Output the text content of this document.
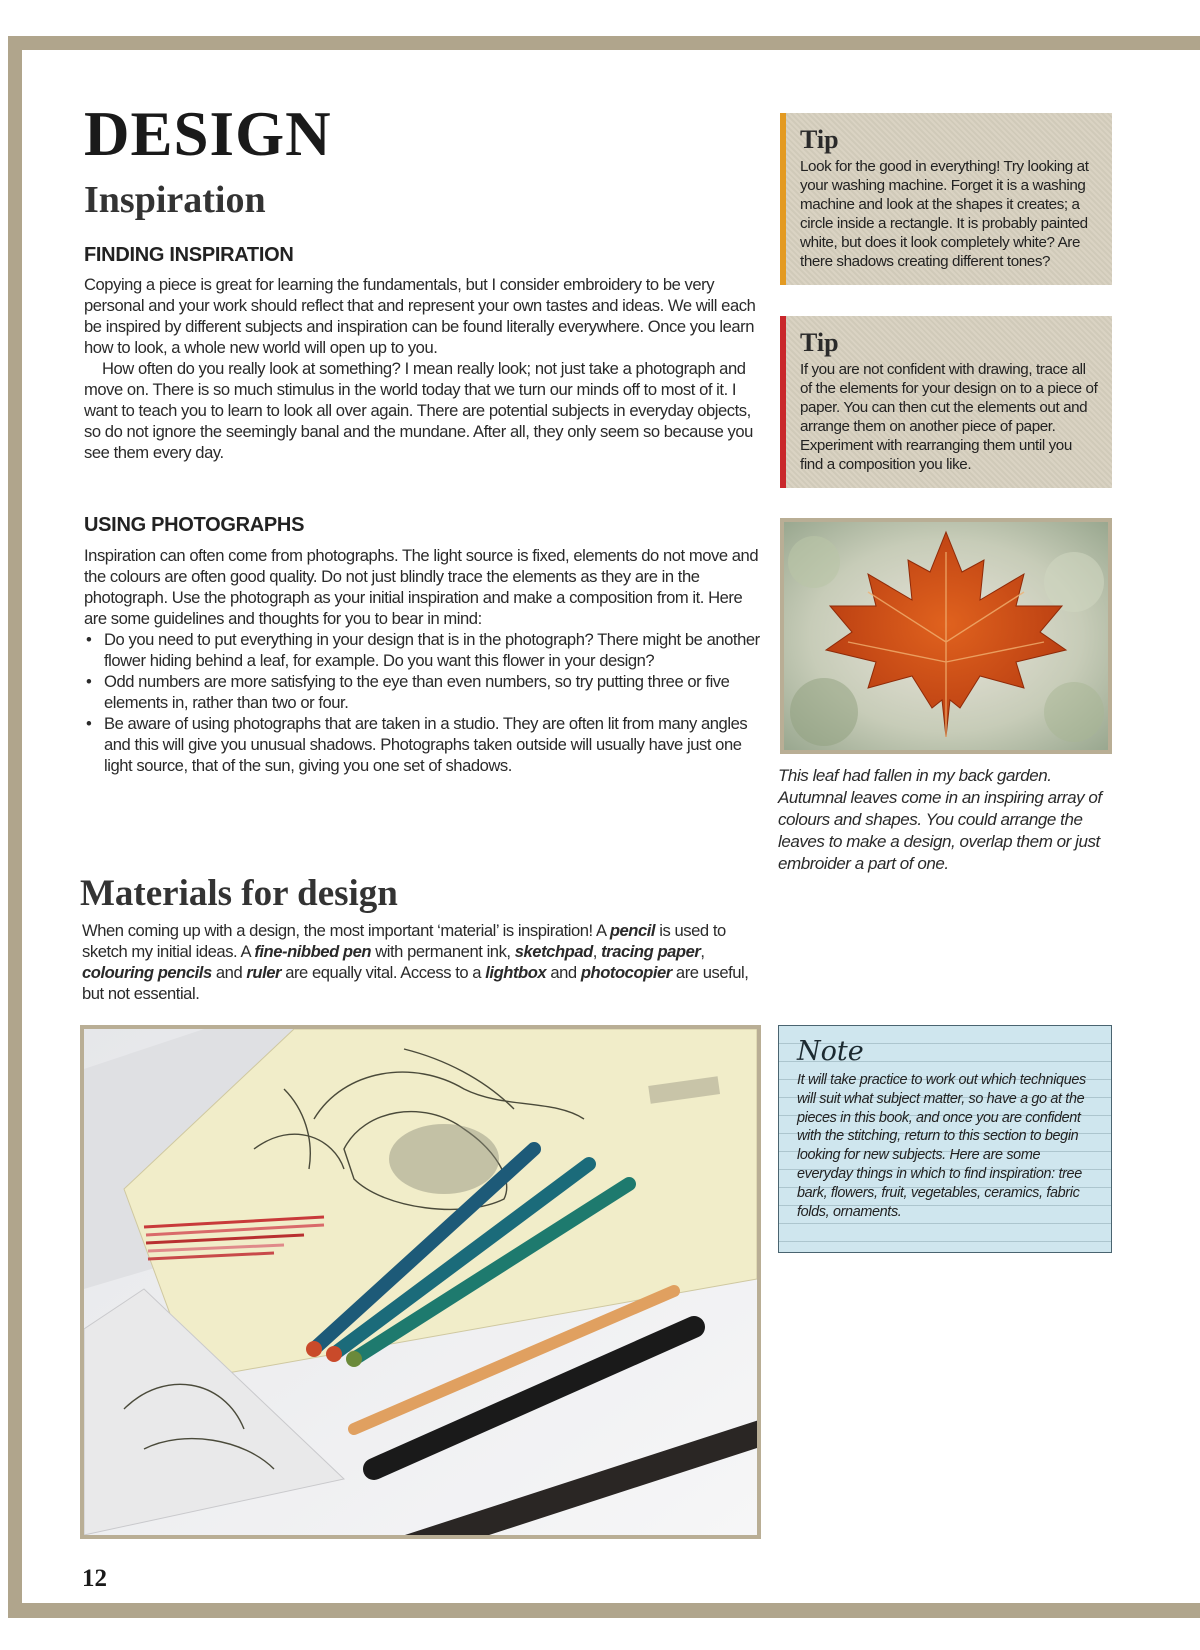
DESIGN
Inspiration
FINDING INSPIRATION

Copying a piece is great for learning the fundamentals, but I consider embroidery to be very personal and your work should reflect that and represent your own tastes and ideas. We will each be inspired by different subjects and inspiration can be found literally everywhere. Once you learn how to look, a whole new world will open up to you.

How often do you really look at something? I mean really look; not just take a photograph and move on. There is so much stimulus in the world today that we turn our minds off to most of it. I want to teach you to learn to look all over again. There are potential subjects in everyday objects, so do not ignore the seemingly banal and the mundane. After all, they only seem so because you see them every day.

USING PHOTOGRAPHS

Inspiration can often come from photographs. The light source is fixed, elements do not move and the colours are often good quality. Do not just blindly trace the elements as they are in the photograph. Use the photograph as your initial inspiration and make a composition from it. Here are some guidelines and thoughts for you to bear in mind:

• Do you need to put everything in your design that is in the photograph? There might be another flower hiding behind a leaf, for example. Do you want this flower in your design?
• Odd numbers are more satisfying to the eye than even numbers, so try putting three or five elements in, rather than two or four.
• Be aware of using photographs that are taken in a studio. They are often lit from many angles and this will give you unusual shadows. Photographs taken outside will usually have just one light source, that of the sun, giving you one set of shadows.
Materials for design

When coming up with a design, the most important ‘material’ is inspiration! A pencil is used to sketch my initial ideas. A fine-nibbed pen with permanent ink, sketchpad, tracing paper, colouring pencils and ruler are equally vital. Access to a lightbox and photocopier are useful, but not essential.

Tip

Look for the good in everything! Try looking at your washing machine. Forget it is a washing machine and look at the shapes it creates; a circle inside a rectangle. It is probably painted white, but does it look completely white? Are there shadows creating different tones?

Tip

If you are not confident with drawing, trace all of the elements for your design on to a piece of paper. You can then cut the elements out and arrange them on another piece of paper. Experiment with rearranging them until you find a composition you like.

This leaf had fallen in my back garden. Autumnal leaves come in an inspiring array of colours and shapes. You could arrange the leaves to make a design, overlap them or just embroider a part of one.

Note

It will take practice to work out which techniques will suit what subject matter, so have a go at the pieces in this book, and once you are confident with the stitching, return to this section to begin looking for new subjects. Here are some everyday things in which to find inspiration: tree bark, flowers, fruit, vegetables, ceramics, fabric folds, ornaments.

12
